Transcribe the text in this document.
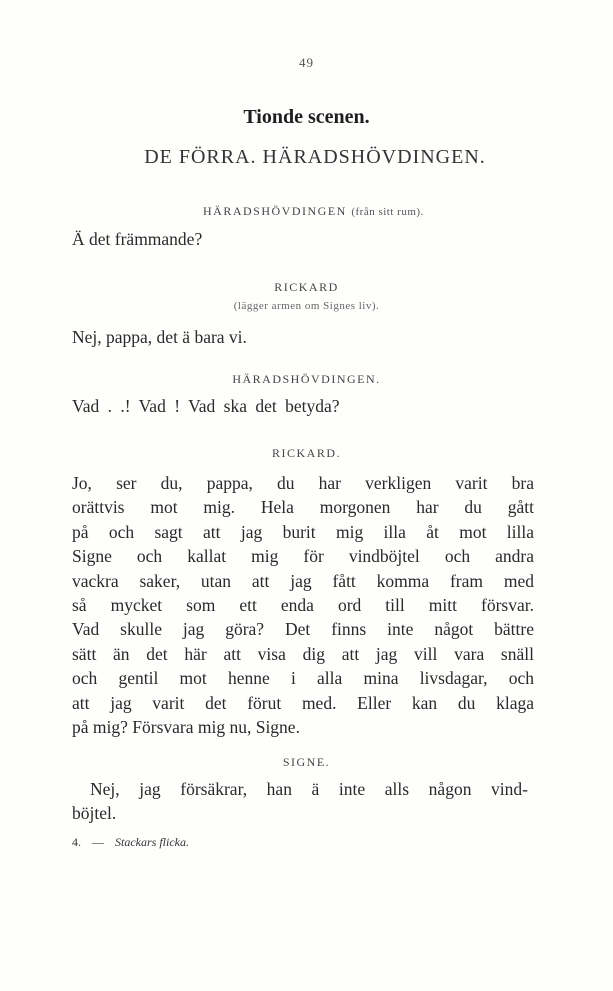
49
Tionde scenen.
DE FÖRRA. HÄRADSHÖVDINGEN.
HÄRADSHÖVDINGEN (från sitt rum).
Ä det främmande?
RICKARD
(lägger armen om Signes liv).
Nej, pappa, det ä bara vi.
HÄRADSHÖVDINGEN.
Vad . .! Vad ! Vad ska det betyda?
RICKARD.
Jo, ser du, pappa, du har verkligen varit bra
orättvis mot mig. Hela morgonen har du gått
på och sagt att jag burit mig illa åt mot lilla
Signe och kallat mig för vindböjtel och andra
vackra saker, utan att jag fått komma fram med
så mycket som ett enda ord till mitt försvar.
Vad skulle jag göra? Det finns inte något bättre
sätt än det här att visa dig att jag vill vara snäll
och gentil mot henne i alla mina livsdagar, och
att jag varit det förut med. Eller kan du klaga
på mig? Försvara mig nu, Signe.
SIGNE.
Nej, jag försäkrar, han ä inte alls någon vind-
böjtel.
4. — Stackars flicka.
